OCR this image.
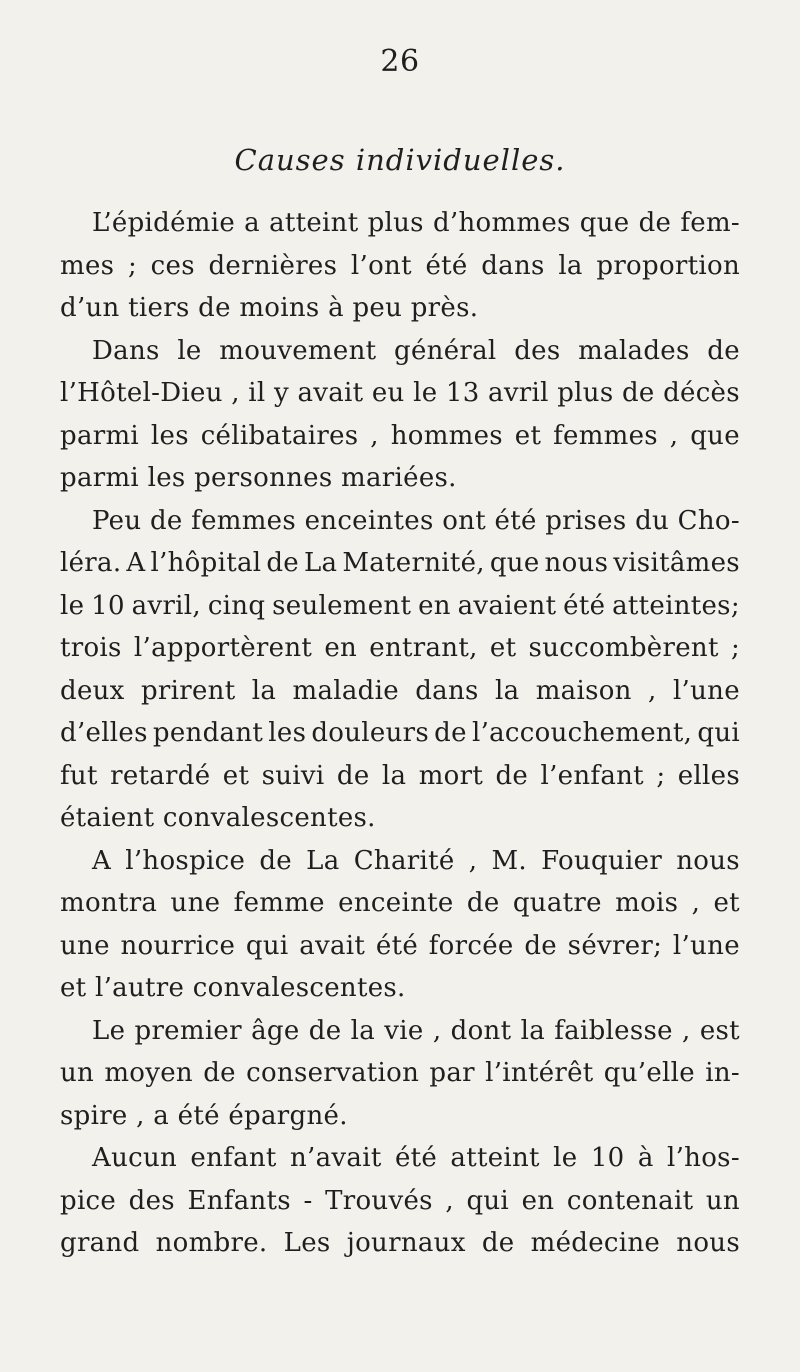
26
Causes individuelles.
L’épidémie a atteint plus d’hommes que de fem-
mes ; ces dernières l’ont été dans la proportion
d’un tiers de moins à peu près.
Dans le mouvement général des malades de
l’Hôtel-Dieu , il y avait eu le 13 avril plus de décès
parmi les célibataires , hommes et femmes , que
parmi les personnes mariées.
Peu de femmes enceintes ont été prises du Cho-
léra. A l’hôpital de La Maternité, que nous visitâmes
le 10 avril, cinq seulement en avaient été atteintes;
trois l’apportèrent en entrant, et succombèrent ;
deux prirent la maladie dans la maison , l’une
d’elles pendant les douleurs de l’accouchement, qui
fut retardé et suivi de la mort de l’enfant ; elles
étaient convalescentes.
A l’hospice de La Charité , M. Fouquier nous
montra une femme enceinte de quatre mois , et
une nourrice qui avait été forcée de sévrer; l’une
et l’autre convalescentes.
Le premier âge de la vie , dont la faiblesse , est
un moyen de conservation par l’intérêt qu’elle in-
spire , a été épargné.
Aucun enfant n’avait été atteint le 10 à l’hos-
pice des Enfants - Trouvés , qui en contenait un
grand nombre. Les journaux de médecine nous
